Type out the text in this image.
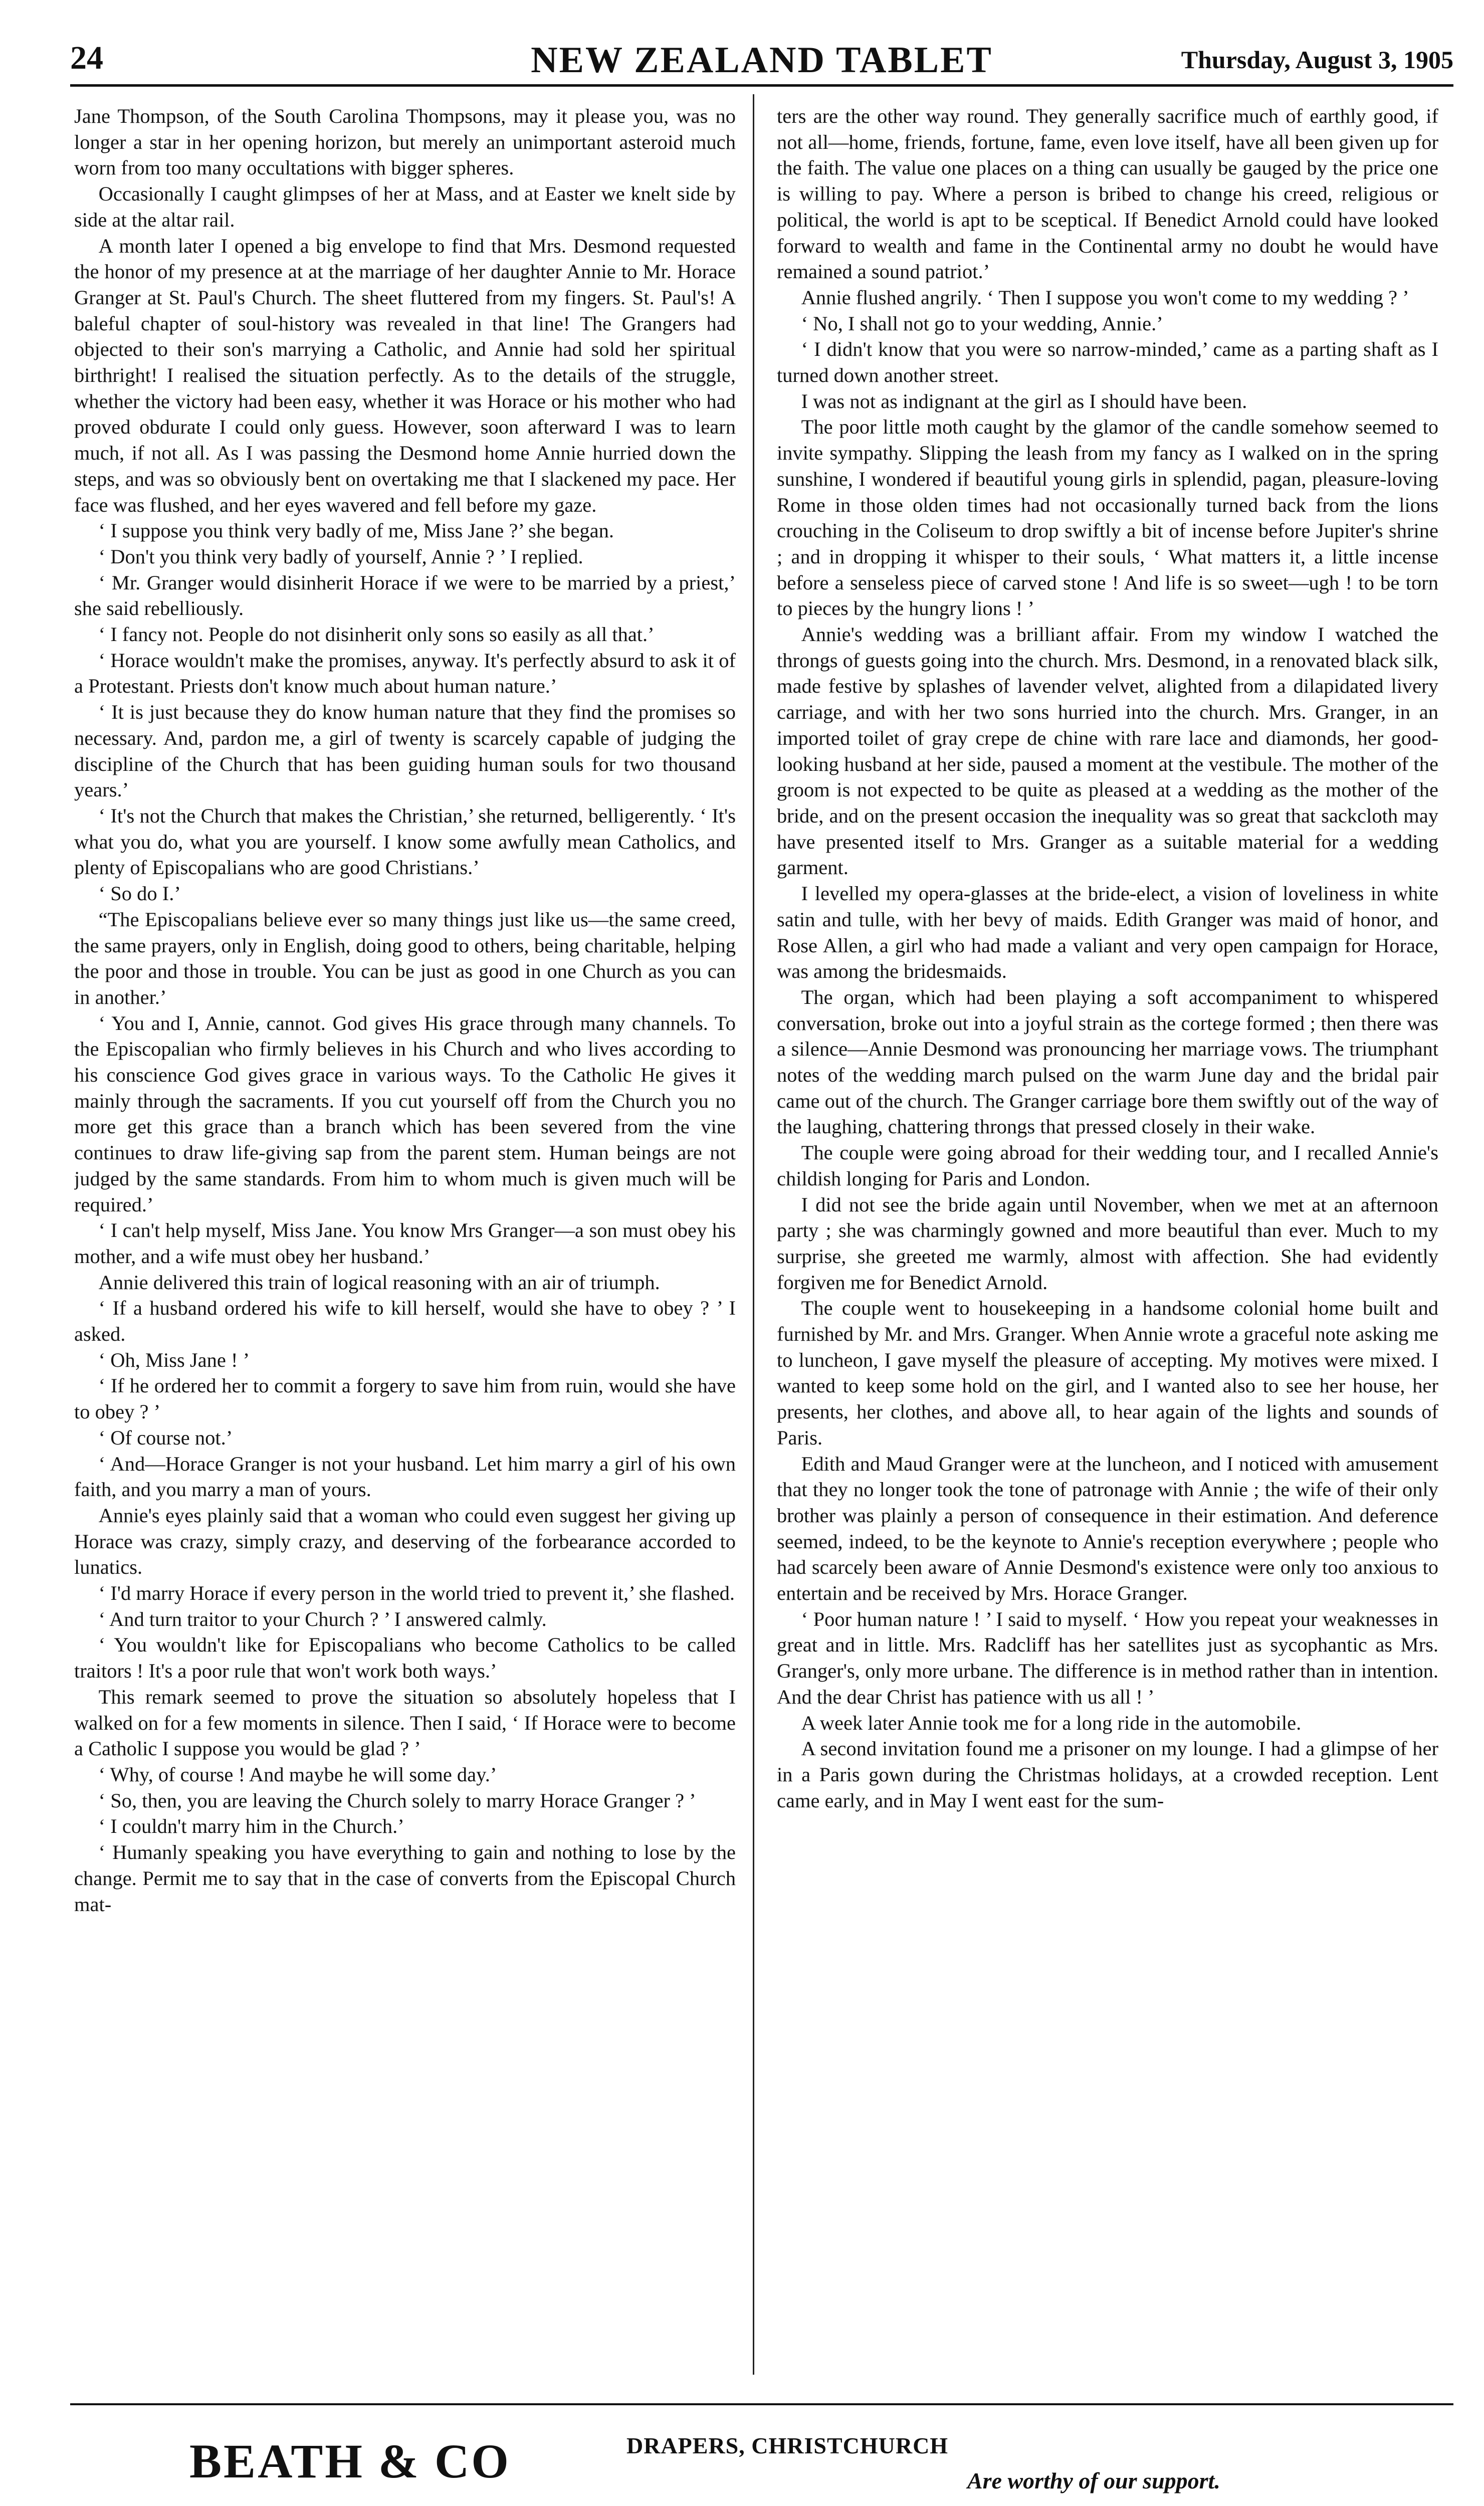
24	NEW ZEALAND TABLET	Thursday, August 3, 1905

Jane Thompson, of the South Carolina Thompsons, may it please you, was no longer a star in her opening horizon, but merely an unimportant asteroid much worn from too many occultations with bigger spheres.

Occasionally I caught glimpses of her at Mass, and at Easter we knelt side by side at the altar rail.

A month later I opened a big envelope to find that Mrs. Desmond requested the honor of my presence at at the marriage of her daughter Annie to Mr. Horace Granger at St. Paul's Church. The sheet fluttered from my fingers. St. Paul's! A baleful chapter of soul-history was revealed in that line! The Grangers had objected to their son's marrying a Catholic, and Annie had sold her spiritual birthright! I realised the situation perfectly. As to the details of the struggle, whether the victory had been easy, whether it was Horace or his mother who had proved obdurate I could only guess. However, soon afterward I was to learn much, if not all. As I was passing the Desmond home Annie hurried down the steps, and was so obviously bent on overtaking me that I slackened my pace. Her face was flushed, and her eyes wavered and fell before my gaze.

‘ I suppose you think very badly of me, Miss Jane ?’ she began.

‘ Don't you think very badly of yourself, Annie ? ’ I replied.

‘ Mr. Granger would disinherit Horace if we were to be married by a priest,’ she said rebelliously.

‘ I fancy not. People do not disinherit only sons so easily as all that.’

‘ Horace wouldn't make the promises, anyway. It's perfectly absurd to ask it of a Protestant. Priests don't know much about human nature.’

‘ It is just because they do know human nature that they find the promises so necessary. And, pardon me, a girl of twenty is scarcely capable of judging the discipline of the Church that has been guiding human souls for two thousand years.’

‘ It's not the Church that makes the Christian,’ she returned, belligerently. ‘ It's what you do, what you are yourself. I know some awfully mean Catholics, and plenty of Episcopalians who are good Christians.’

‘ So do I.’

“The Episcopalians believe ever so many things just like us—the same creed, the same prayers, only in English, doing good to others, being charitable, helping the poor and those in trouble. You can be just as good in one Church as you can in another.’

‘ You and I, Annie, cannot. God gives His grace through many channels. To the Episcopalian who firmly believes in his Church and who lives according to his conscience God gives grace in various ways. To the Catholic He gives it mainly through the sacraments. If you cut yourself off from the Church you no more get this grace than a branch which has been severed from the vine continues to draw life-giving sap from the parent stem. Human beings are not judged by the same standards. From him to whom much is given much will be required.’

‘ I can't help myself, Miss Jane. You know Mrs Granger—a son must obey his mother, and a wife must obey her husband.’

Annie delivered this train of logical reasoning with an air of triumph.

‘ If a husband ordered his wife to kill herself, would she have to obey ? ’ I asked.

‘ Oh, Miss Jane ! ’

‘ If he ordered her to commit a forgery to save him from ruin, would she have to obey ? ’

‘ Of course not.’

‘ And—Horace Granger is not your husband. Let him marry a girl of his own faith, and you marry a man of yours.

Annie's eyes plainly said that a woman who could even suggest her giving up Horace was crazy, simply crazy, and deserving of the forbearance accorded to lunatics.

‘ I'd marry Horace if every person in the world tried to prevent it,’ she flashed.

‘ And turn traitor to your Church ? ’ I answered calmly.

‘ You wouldn't like for Episcopalians who become Catholics to be called traitors ! It's a poor rule that won't work both ways.’

This remark seemed to prove the situation so absolutely hopeless that I walked on for a few moments in silence. Then I said, ‘ If Horace were to become a Catholic I suppose you would be glad ? ’

‘ Why, of course ! And maybe he will some day.’

‘ So, then, you are leaving the Church solely to marry Horace Granger ? ’

‘ I couldn't marry him in the Church.’

‘ Humanly speaking you have everything to gain and nothing to lose by the change. Permit me to say that in the case of converts from the Episcopal Church mat-

ters are the other way round. They generally sacrifice much of earthly good, if not all—home, friends, fortune, fame, even love itself, have all been given up for the faith. The value one places on a thing can usually be gauged by the price one is willing to pay. Where a person is bribed to change his creed, religious or political, the world is apt to be sceptical. If Benedict Arnold could have looked forward to wealth and fame in the Continental army no doubt he would have remained a sound patriot.’

Annie flushed angrily. ‘ Then I suppose you won't come to my wedding ? ’

‘ No, I shall not go to your wedding, Annie.’

‘ I didn't know that you were so narrow-minded,’ came as a parting shaft as I turned down another street.

I was not as indignant at the girl as I should have been.

The poor little moth caught by the glamor of the candle somehow seemed to invite sympathy. Slipping the leash from my fancy as I walked on in the spring sunshine, I wondered if beautiful young girls in splendid, pagan, pleasure-loving Rome in those olden times had not occasionally turned back from the lions crouching in the Coliseum to drop swiftly a bit of incense before Jupiter's shrine ; and in dropping it whisper to their souls, ‘ What matters it, a little incense before a senseless piece of carved stone ! And life is so sweet—ugh ! to be torn to pieces by the hungry lions ! ’

Annie's wedding was a brilliant affair. From my window I watched the throngs of guests going into the church. Mrs. Desmond, in a renovated black silk, made festive by splashes of lavender velvet, alighted from a dilapidated livery carriage, and with her two sons hurried into the church. Mrs. Granger, in an imported toilet of gray crepe de chine with rare lace and diamonds, her good-looking husband at her side, paused a moment at the vestibule. The mother of the groom is not expected to be quite as pleased at a wedding as the mother of the bride, and on the present occasion the inequality was so great that sackcloth may have presented itself to Mrs. Granger as a suitable material for a wedding garment.

I levelled my opera-glasses at the bride-elect, a vision of loveliness in white satin and tulle, with her bevy of maids. Edith Granger was maid of honor, and Rose Allen, a girl who had made a valiant and very open campaign for Horace, was among the bridesmaids.

The organ, which had been playing a soft accompaniment to whispered conversation, broke out into a joyful strain as the cortege formed ; then there was a silence—Annie Desmond was pronouncing her marriage vows. The triumphant notes of the wedding march pulsed on the warm June day and the bridal pair came out of the church. The Granger carriage bore them swiftly out of the way of the laughing, chattering throngs that pressed closely in their wake.

The couple were going abroad for their wedding tour, and I recalled Annie's childish longing for Paris and London.

I did not see the bride again until November, when we met at an afternoon party ; she was charmingly gowned and more beautiful than ever. Much to my surprise, she greeted me warmly, almost with affection. She had evidently forgiven me for Benedict Arnold.

The couple went to housekeeping in a handsome colonial home built and furnished by Mr. and Mrs. Granger. When Annie wrote a graceful note asking me to luncheon, I gave myself the pleasure of accepting. My motives were mixed. I wanted to keep some hold on the girl, and I wanted also to see her house, her presents, her clothes, and above all, to hear again of the lights and sounds of Paris.

Edith and Maud Granger were at the luncheon, and I noticed with amusement that they no longer took the tone of patronage with Annie ; the wife of their only brother was plainly a person of consequence in their estimation. And deference seemed, indeed, to be the keynote to Annie's reception everywhere ; people who had scarcely been aware of Annie Desmond's existence were only too anxious to entertain and be received by Mrs. Horace Granger.

‘ Poor human nature ! ’ I said to myself. ‘ How you repeat your weaknesses in great and in little. Mrs. Radcliff has her satellites just as sycophantic as Mrs. Granger's, only more urbane. The difference is in method rather than in intention. And the dear Christ has patience with us all ! ’

A week later Annie took me for a long ride in the automobile.

A second invitation found me a prisoner on my lounge. I had a glimpse of her in a Paris gown during the Christmas holidays, at a crowded reception. Lent came early, and in May I went east for the sum-

BEATH & CO	DRAPERS, CHRISTCHURCH
Are worthy of our support.
